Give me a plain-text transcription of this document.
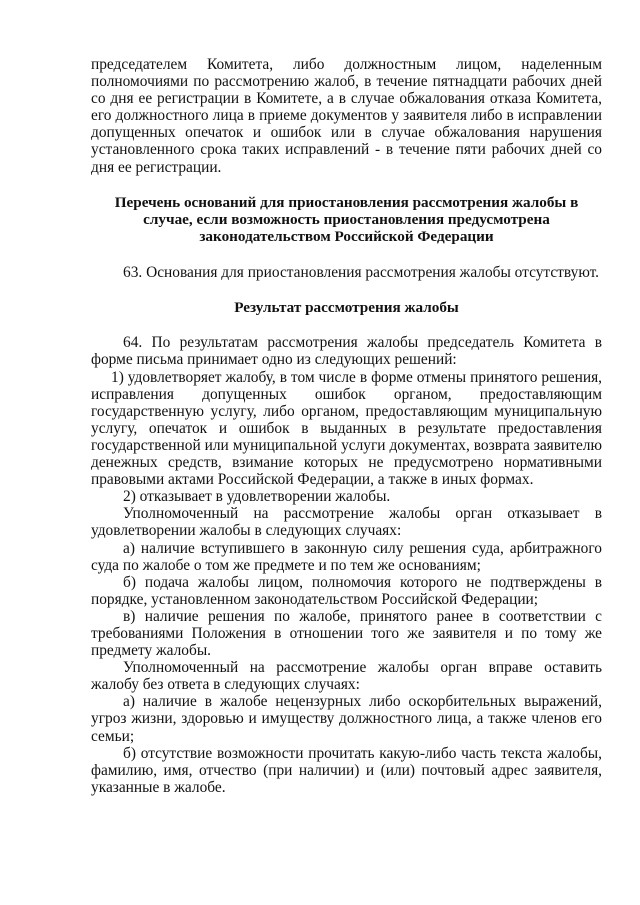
председателем Комитета, либо должностным лицом, наделенным полномочиями по рассмотрению жалоб, в течение пятнадцати рабочих дней со дня ее регистрации в Комитете, а в случае обжалования отказа Комитета, его должностного лица в приеме документов у заявителя либо в исправлении допущенных опечаток и ошибок или в случае обжалования нарушения установленного срока таких исправлений - в течение пяти рабочих дней со дня ее регистрации.

Перечень оснований для приостановления рассмотрения жалобы в случае, если возможность приостановления предусмотрена законодательством Российской Федерации

63. Основания для приостановления рассмотрения жалобы отсутствуют.

Результат рассмотрения жалобы

64. По результатам рассмотрения жалобы председатель Комитета в форме письма принимает одно из следующих решений:

1) удовлетворяет жалобу, в том числе в форме отмены принятого решения, исправления допущенных ошибок органом, предоставляющим государственную услугу, либо органом, предоставляющим муниципальную услугу, опечаток и ошибок в выданных в результате предоставления государственной или муниципальной услуги документах, возврата заявителю денежных средств, взимание которых не предусмотрено нормативными правовыми актами Российской Федерации, а также в иных формах.

2) отказывает в удовлетворении жалобы.

Уполномоченный на рассмотрение жалобы орган отказывает в удовлетворении жалобы в следующих случаях:

а) наличие вступившего в законную силу решения суда, арбитражного суда по жалобе о том же предмете и по тем же основаниям;

б) подача жалобы лицом, полномочия которого не подтверждены в порядке, установленном законодательством Российской Федерации;

в) наличие решения по жалобе, принятого ранее в соответствии с требованиями Положения в отношении того же заявителя и по тому же предмету жалобы.

Уполномоченный на рассмотрение жалобы орган вправе оставить жалобу без ответа в следующих случаях:

а) наличие в жалобе нецензурных либо оскорбительных выражений, угроз жизни, здоровью и имуществу должностного лица, а также членов его семьи;

б) отсутствие возможности прочитать какую-либо часть текста жалобы, фамилию, имя, отчество (при наличии) и (или) почтовый адрес заявителя, указанные в жалобе.
